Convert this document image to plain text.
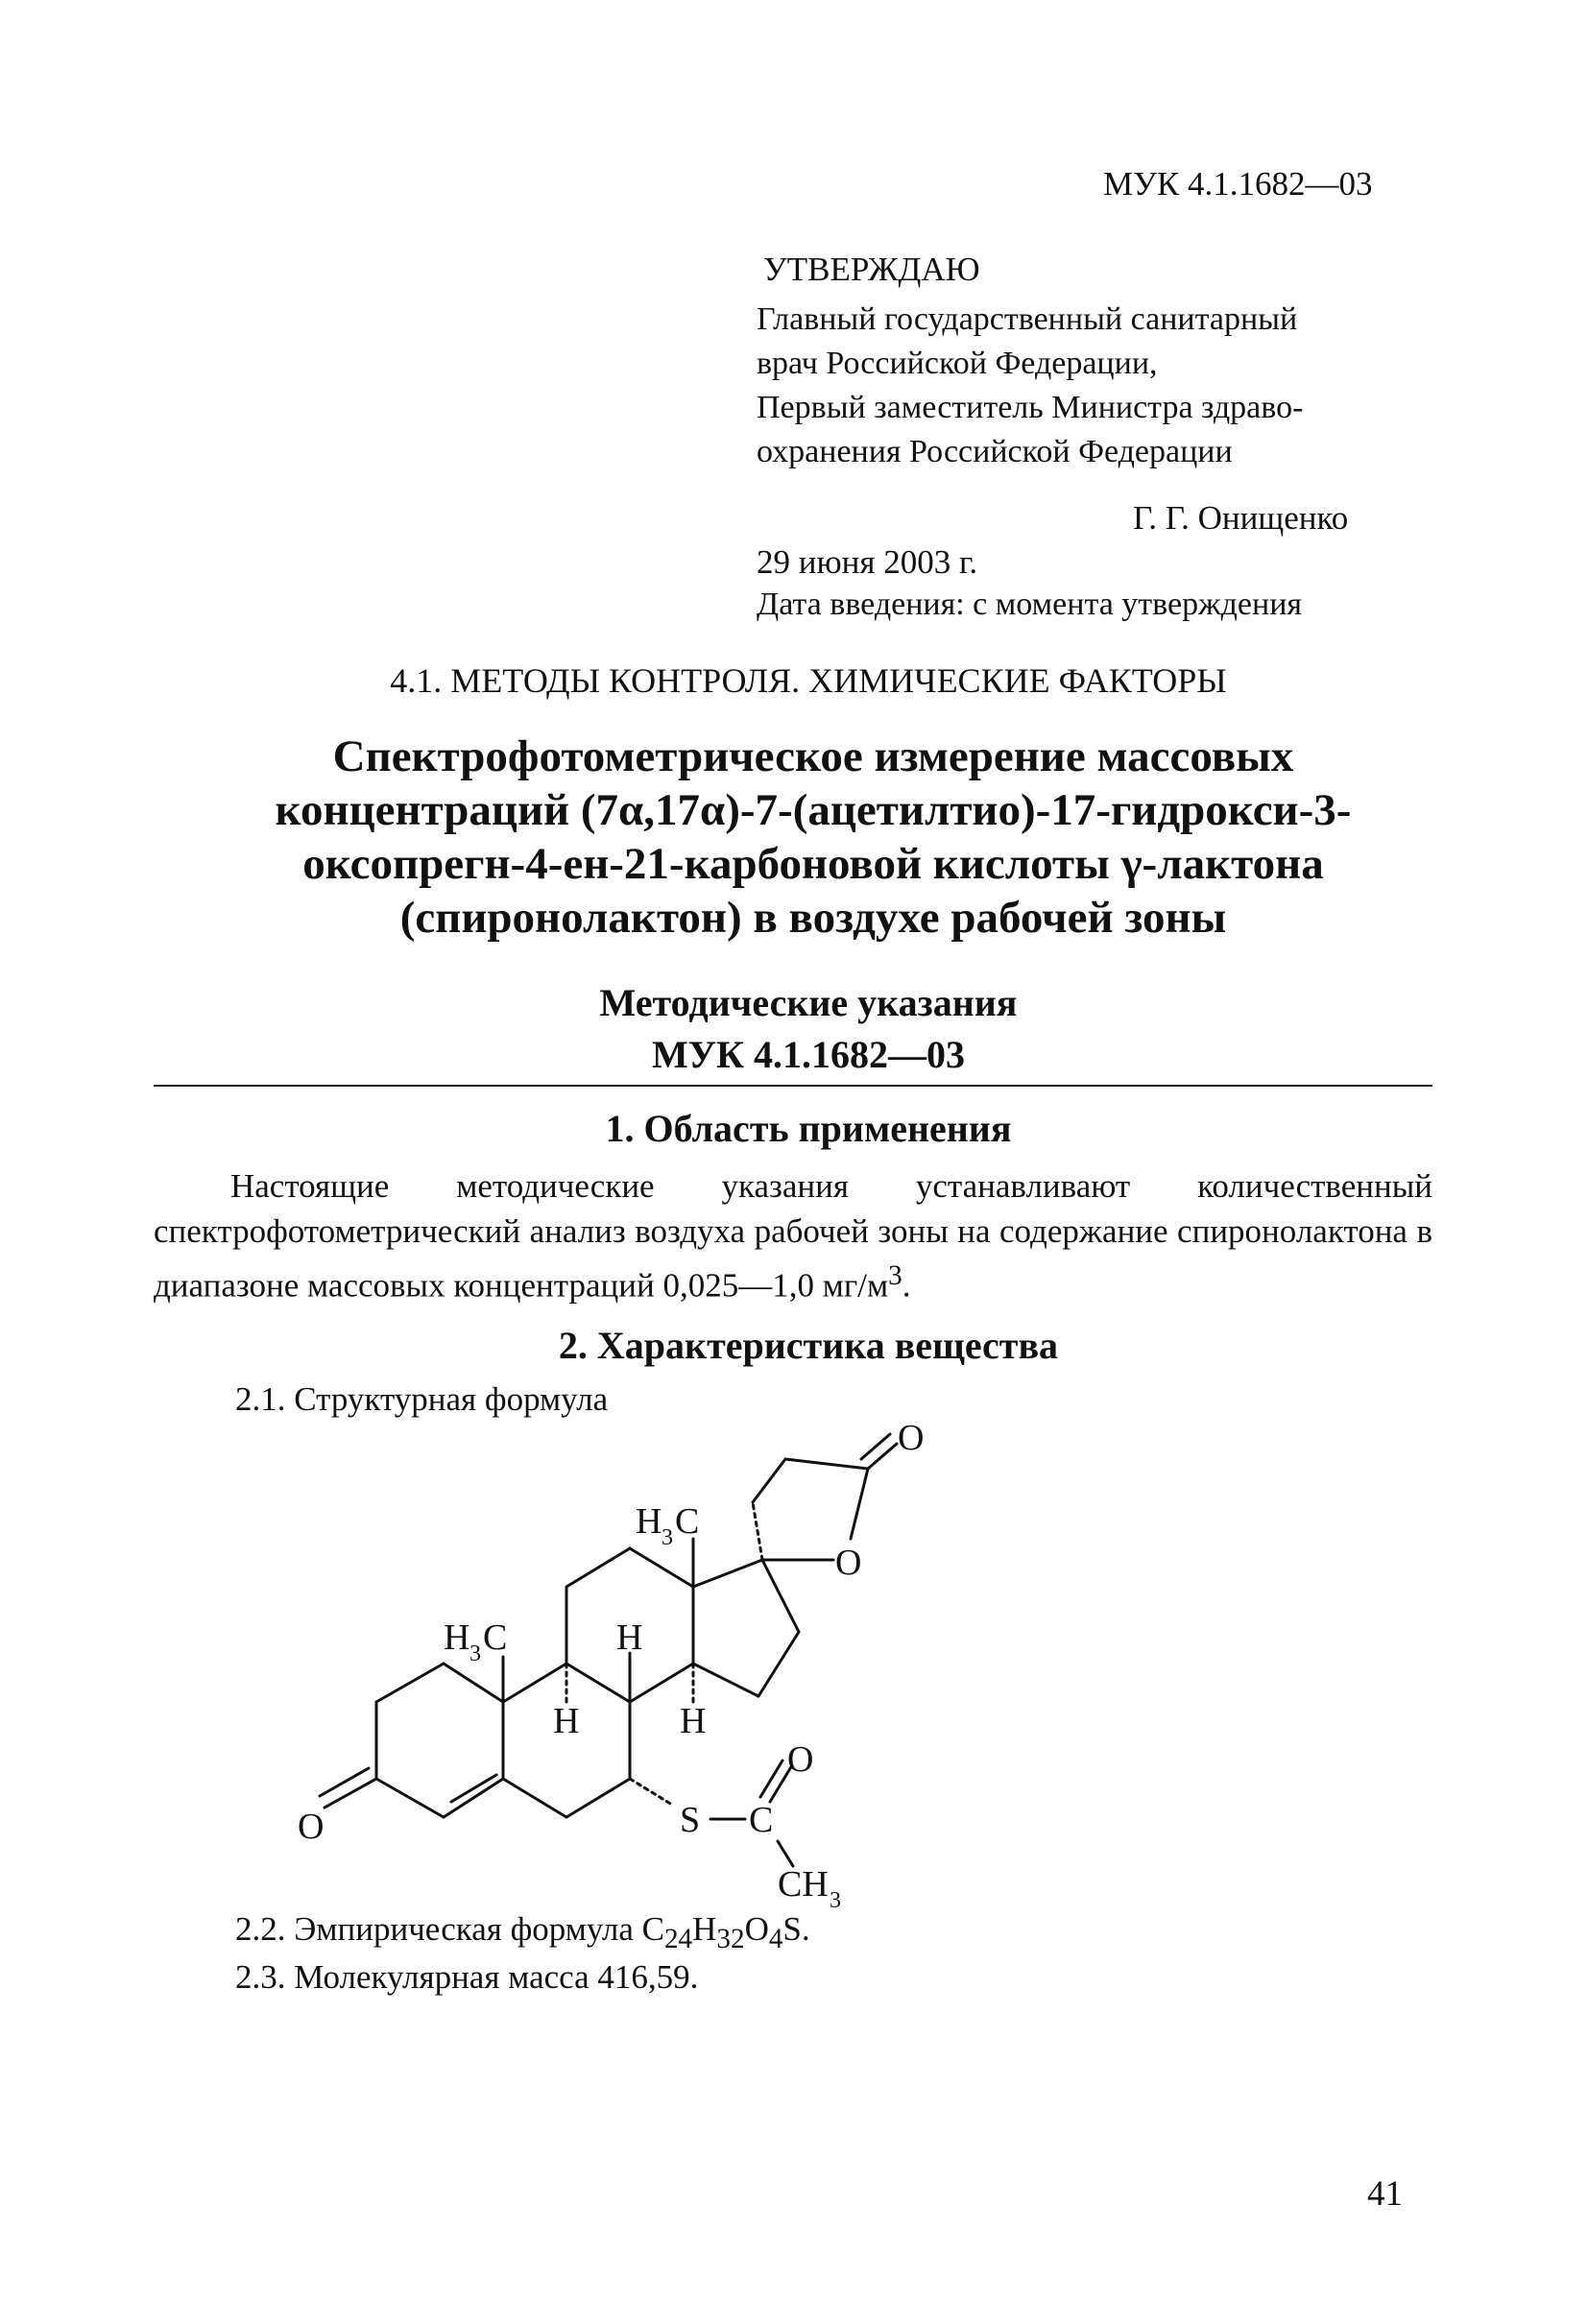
МУК 4.1.1682—03
УТВЕРЖДАЮ
Главный государственный санитарный
врач Российской Федерации,
Первый заместитель Министра здраво-
охранения Российской Федерации
Г. Г. Онищенко
29 июня 2003 г.
Дата введения: с момента утверждения
4.1. МЕТОДЫ КОНТРОЛЯ. ХИМИЧЕСКИЕ ФАКТОРЫ
Спектрофотометрическое измерение массовых
концентраций (7α,17α)-7-(ацетилтио)-17-гидрокси-3-
оксопрегн-4-ен-21-карбоновой кислоты γ-лактона
(спиронолактон) в воздухе рабочей зоны
Методические указания
МУК 4.1.1682—03
1. Область применения
Настоящие методические указания устанавливают количественный спектрофотометрический анализ воздуха рабочей зоны на содержание спиронолактона в диапазоне массовых концентраций 0,025—1,0 $мг/м^3$.
2. Характеристика вещества
2.1. Структурная формула
O
O
O
O
H 3 C
H 3 C
H
H	H
S C
CH 3
2.2. Эмпирическая формула $C_{24}H_{32}O_4S$.
2.3. Молекулярная масса 416,59.
41
